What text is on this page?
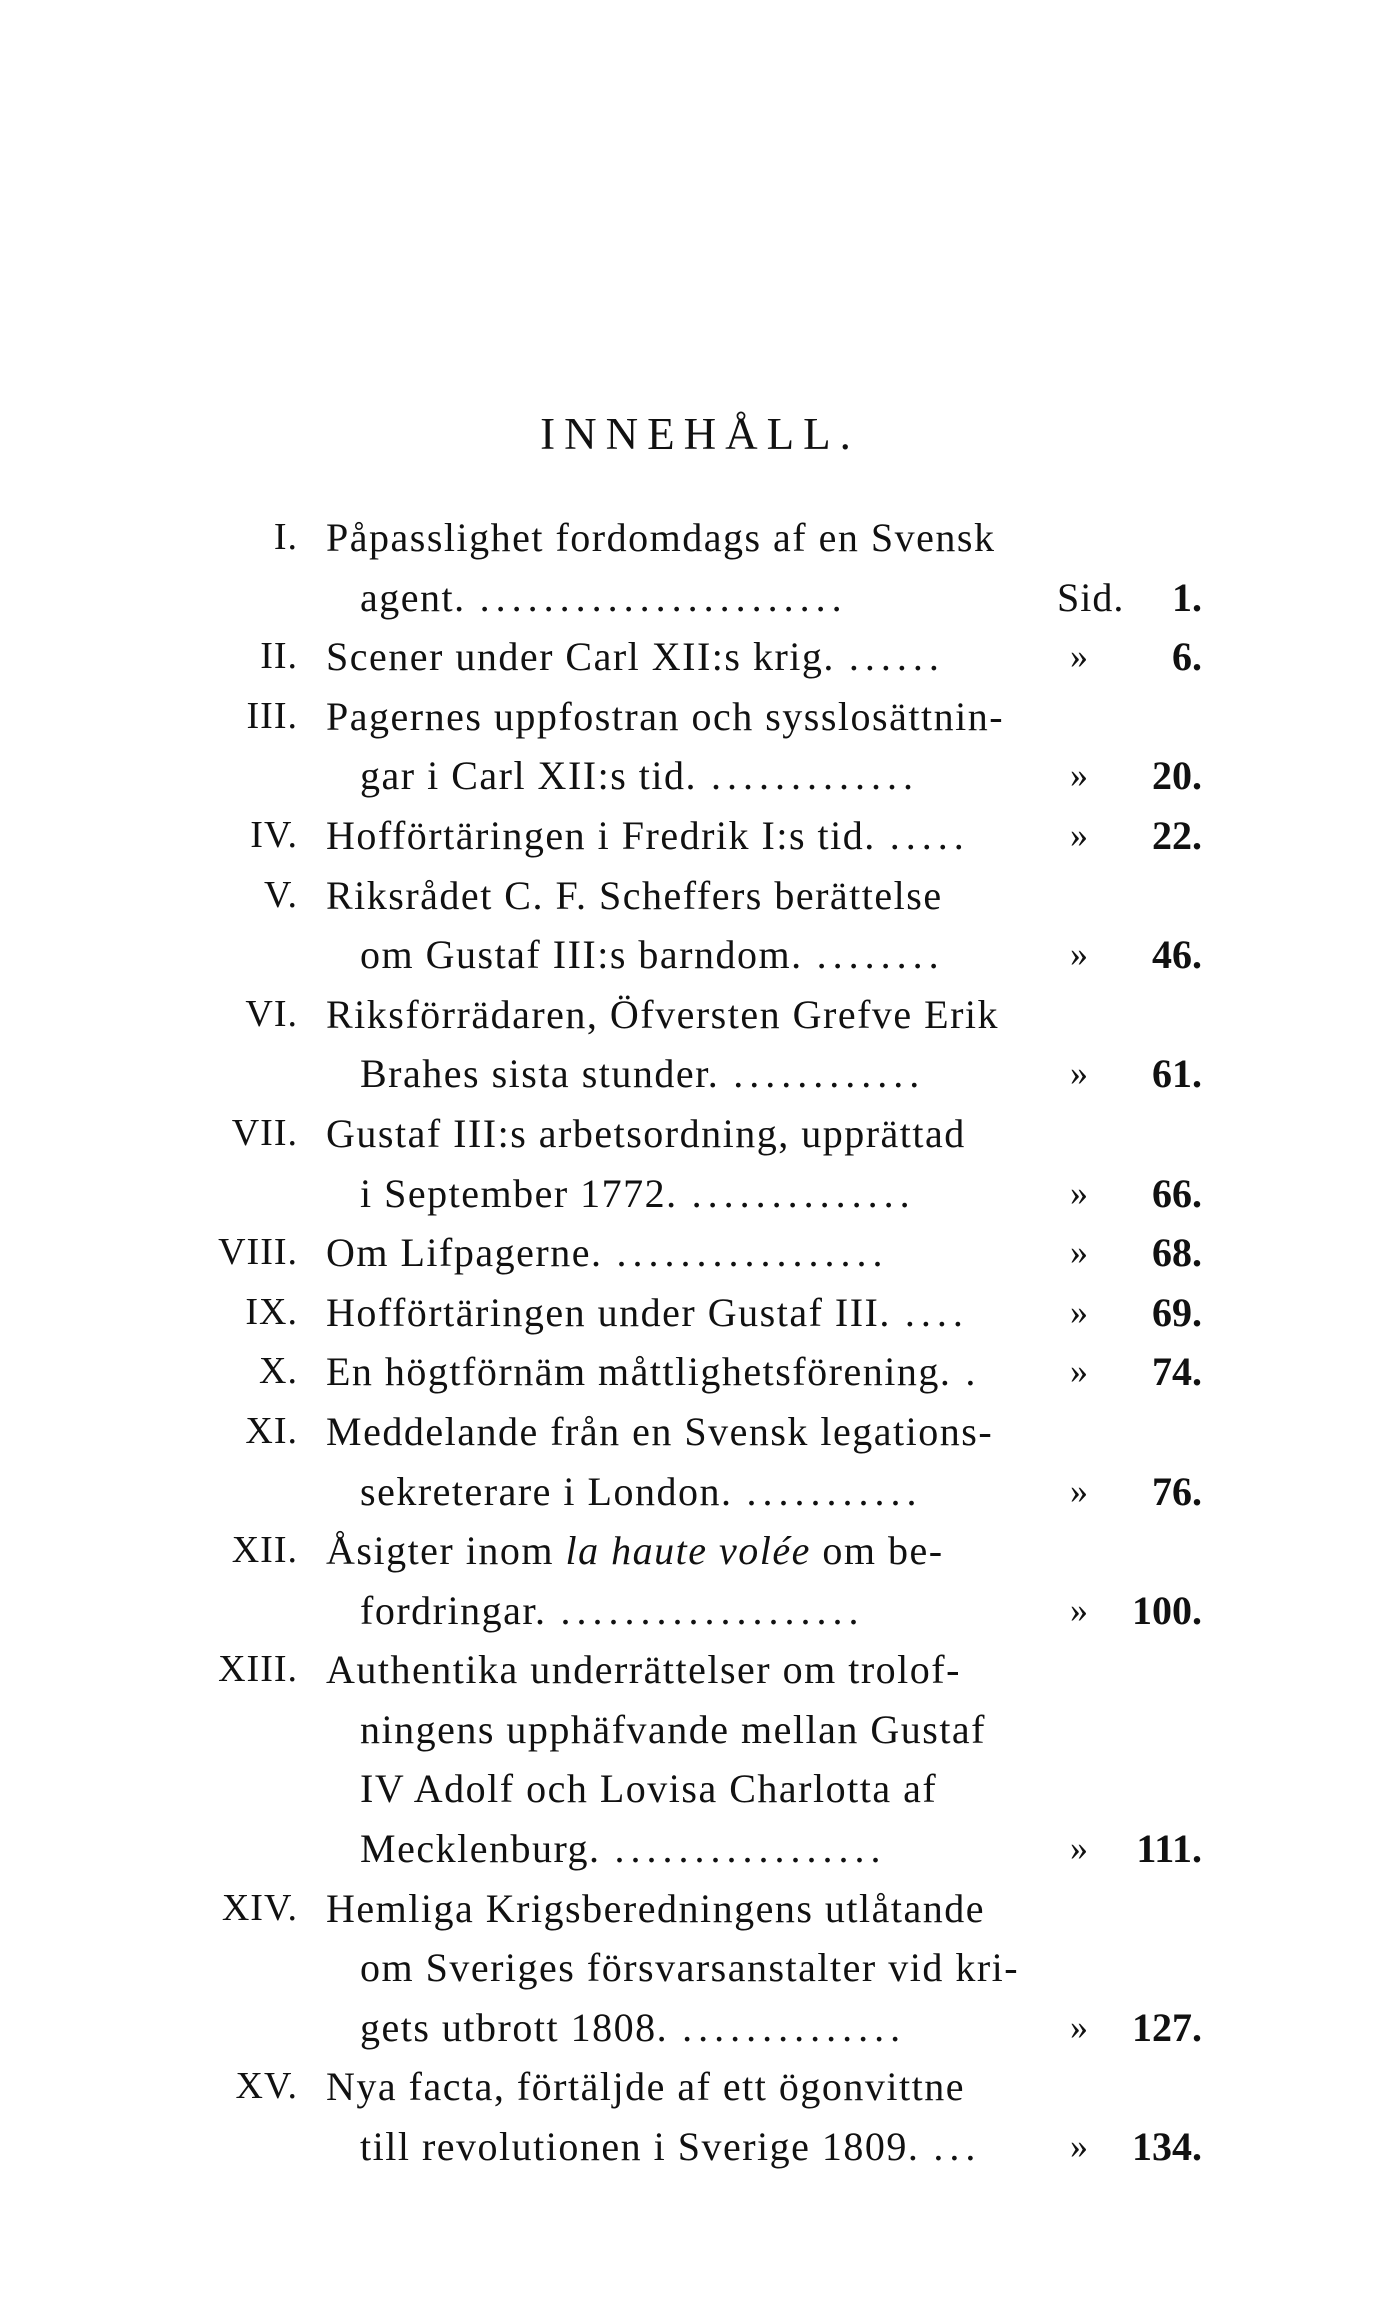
INNEHÅLL.
I. Påpasslighet fordomdags af en Svensk
agent. .......................	Sid. 1.
II. Scener under Carl XII:s krig. ......	» 6.
III. Pagernes uppfostran och sysslosättnin-
gar i Carl XII:s tid. .............	» 20.
IV. Hofförtäringen i Fredrik I:s tid. .....	» 22.
V. Riksrådet C. F. Scheffers berättelse
om Gustaf III:s barndom. ........	» 46.
VI. Riksförrädaren, Öfversten Grefve Erik
Brahes sista stunder. ............	» 61.
VII. Gustaf III:s arbetsordning, upprättad
i September 1772. ..............	» 66.
VIII. Om Lifpagerne. .................	» 68.
IX. Hofförtäringen under Gustaf III. ....	» 69.
X. En högtförnäm måttlighetsförening. . » 74.
XI. Meddelande från en Svensk legations-
sekreterare i London. ...........	» 76.
XII. Åsigter inom la haute volée om be-
fordringar. ...................	» 100.
XIII. Authentika underrättelser om trolof-
ningens upphäfvande mellan Gustaf
IV Adolf och Lovisa Charlotta af
Mecklenburg. .................	» 111.
XIV. Hemliga Krigsberedningens utlåtande
om Sveriges försvarsanstalter vid kri-
gets utbrott 1808. ..............	» 127.
XV. Nya facta, förtäljde af ett ögonvittne
till revolutionen i Sverige 1809. ... » 134.
